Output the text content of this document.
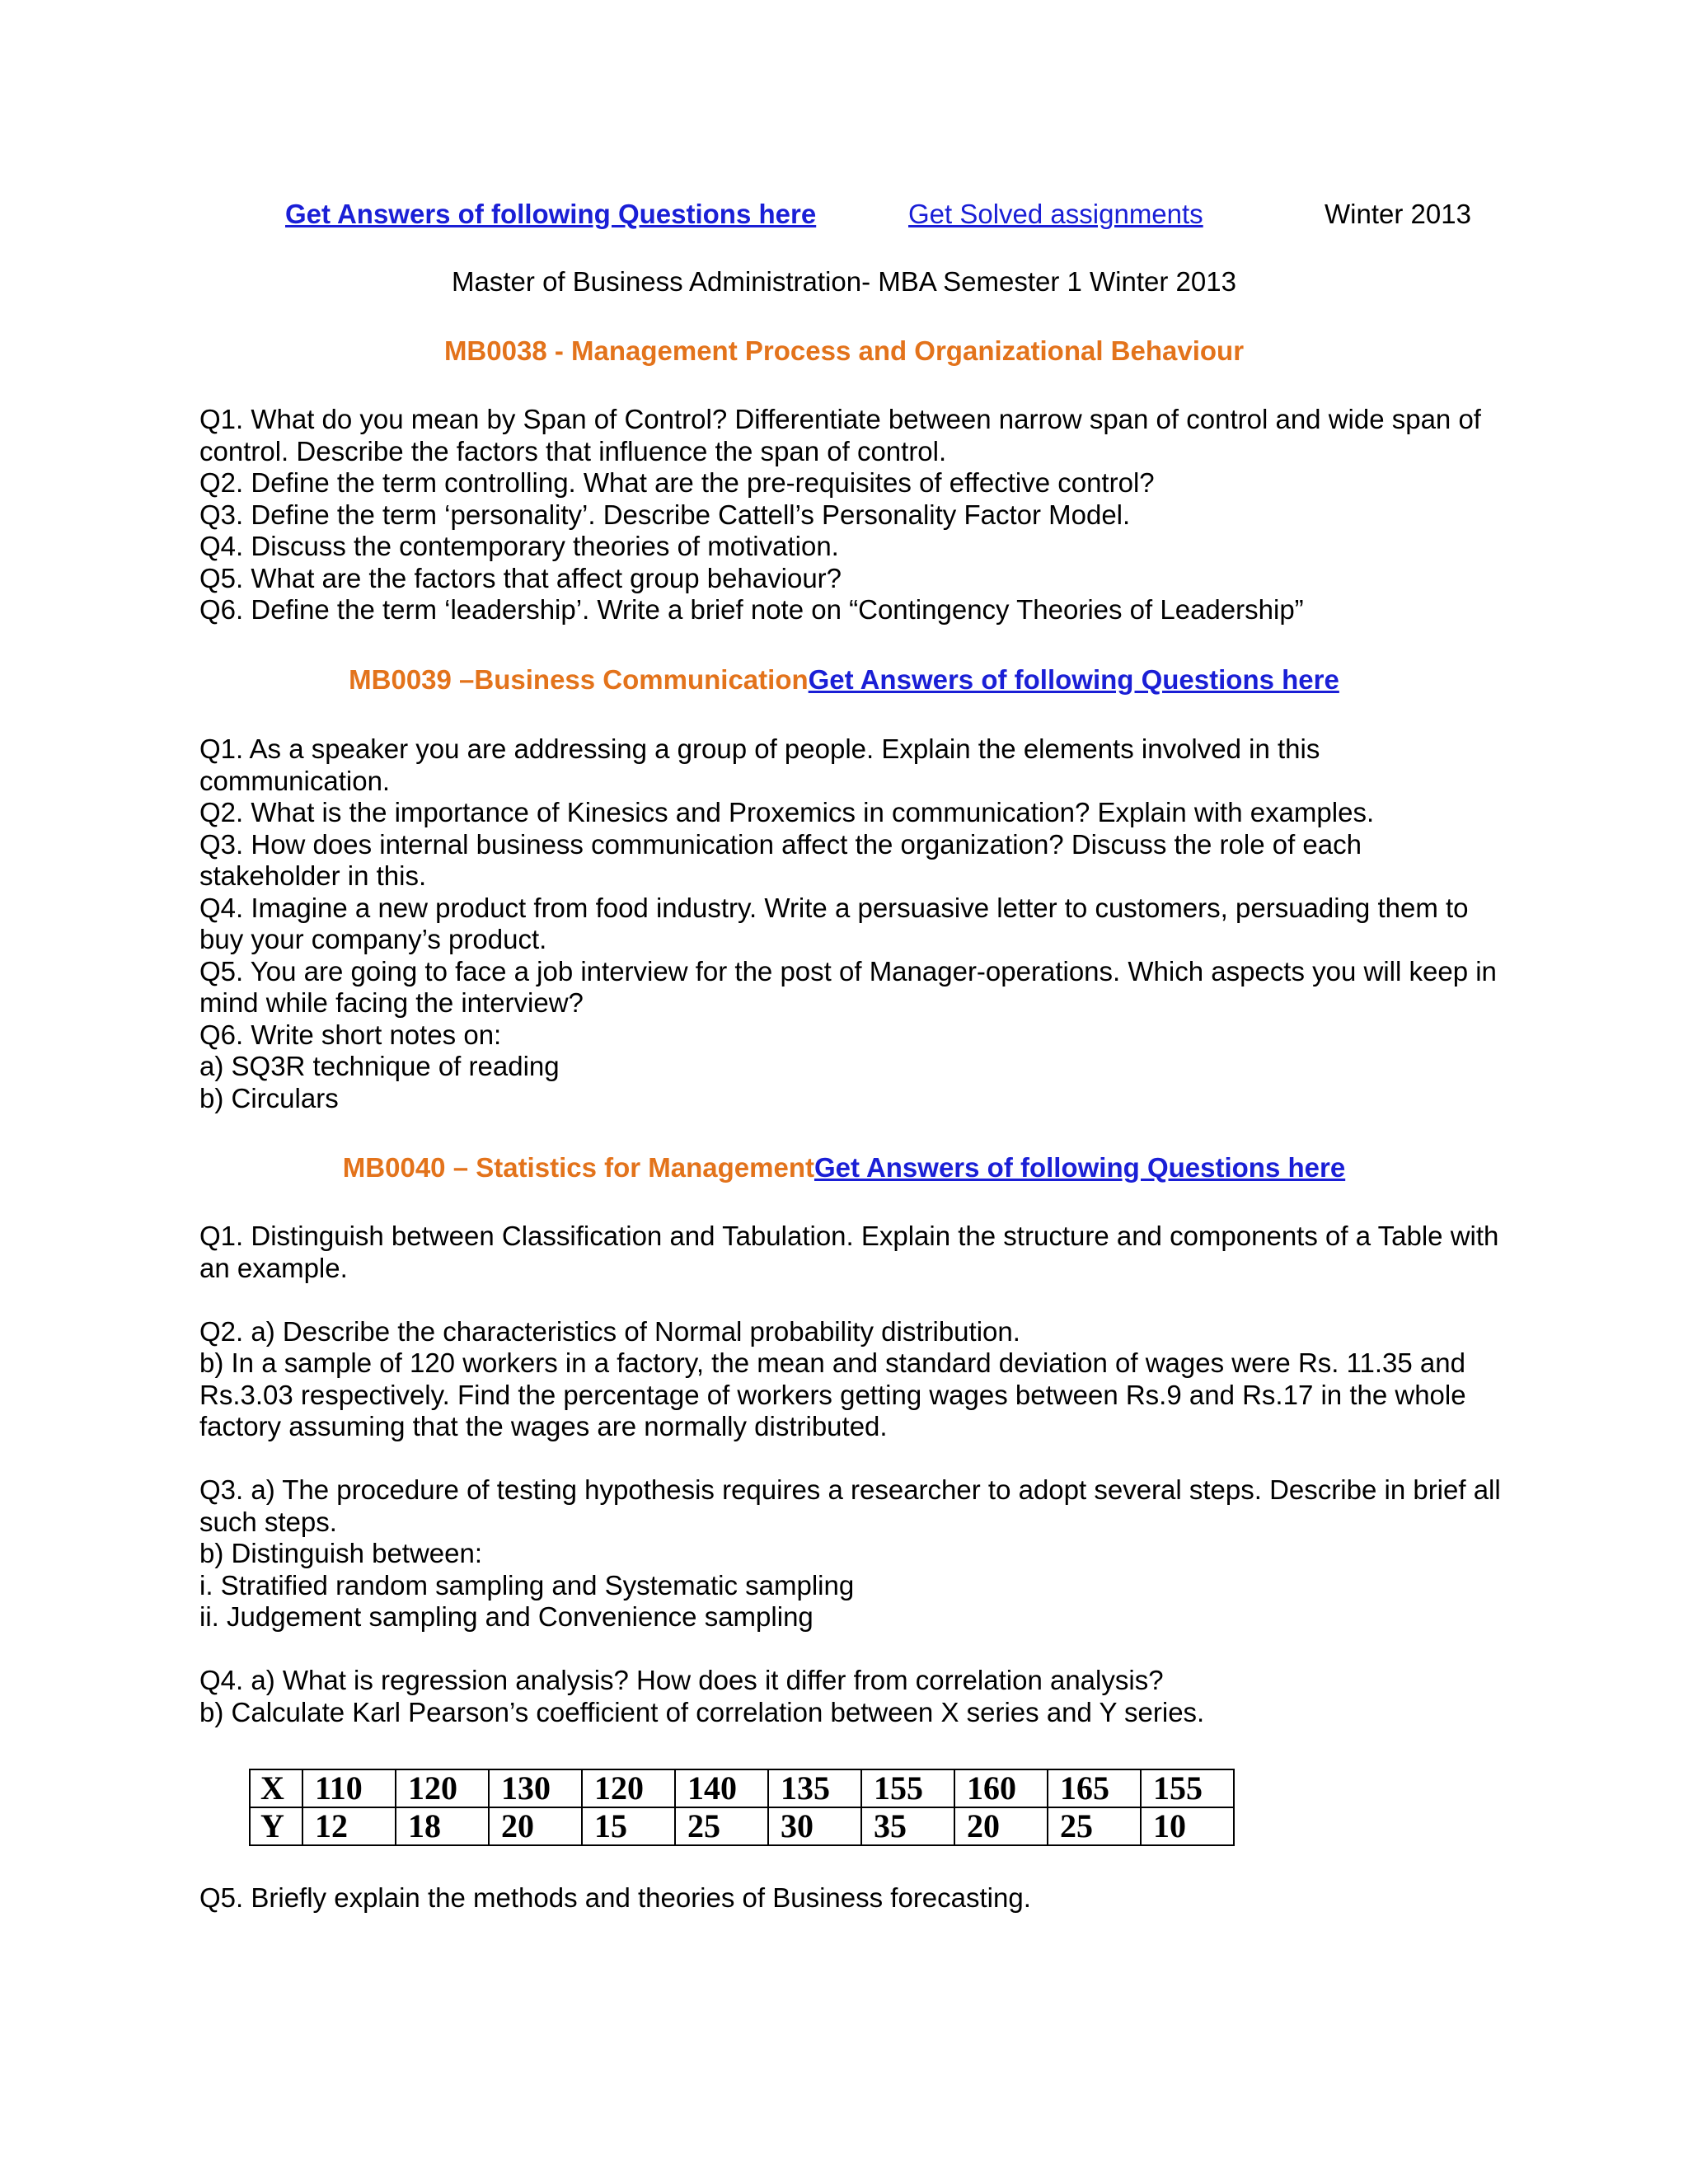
Get Answers of following Questions here	Get Solved assignments	Winter 2013
Master of Business Administration- MBA Semester 1 Winter 2013
MB0038 - Management Process and Organizational Behaviour

Q1. What do you mean by Span of Control? Differentiate between narrow span of control and wide span of control. Describe the factors that influence the span of control.

Q2. Define the term controlling. What are the pre-requisites of effective control?

Q3. Define the term ‘personality’. Describe Cattell’s Personality Factor Model.

Q4. Discuss the contemporary theories of motivation.

Q5. What are the factors that affect group behaviour?

Q6. Define the term ‘leadership’. Write a brief note on “Contingency Theories of Leadership”

MB0039 –Business CommunicationGet Answers of following Questions here

Q1. As a speaker you are addressing a group of people. Explain the elements involved in this communication.

Q2. What is the importance of Kinesics and Proxemics in communication? Explain with examples.

Q3. How does internal business communication affect the organization? Discuss the role of each stakeholder in this.

Q4. Imagine a new product from food industry. Write a persuasive letter to customers, persuading them to buy your company’s product.

Q5. You are going to face a job interview for the post of Manager-operations. Which aspects you will keep in mind while facing the interview?

Q6. Write short notes on:

a) SQ3R technique of reading

b) Circulars

MB0040 – Statistics for ManagementGet Answers of following Questions here

Q1. Distinguish between Classification and Tabulation. Explain the structure and components of a Table with an example.

Q2. a) Describe the characteristics of Normal probability distribution.

b) In a sample of 120 workers in a factory, the mean and standard deviation of wages were Rs. 11.35 and Rs.3.03 respectively. Find the percentage of workers getting wages between Rs.9 and Rs.17 in the whole factory assuming that the wages are normally distributed.

Q3. a) The procedure of testing hypothesis requires a researcher to adopt several steps. Describe in brief all such steps.

b) Distinguish between:

i. Stratified random sampling and Systematic sampling

ii. Judgement sampling and Convenience sampling

Q4. a) What is regression analysis? How does it differ from correlation analysis?

b) Calculate Karl Pearson’s coefficient of correlation between X series and Y series.

X	110	120	130	120	140	135	155	160	165	155
Y	12	18	20	15	25	30	35	20	25	10

Q5. Briefly explain the methods and theories of Business forecasting.
